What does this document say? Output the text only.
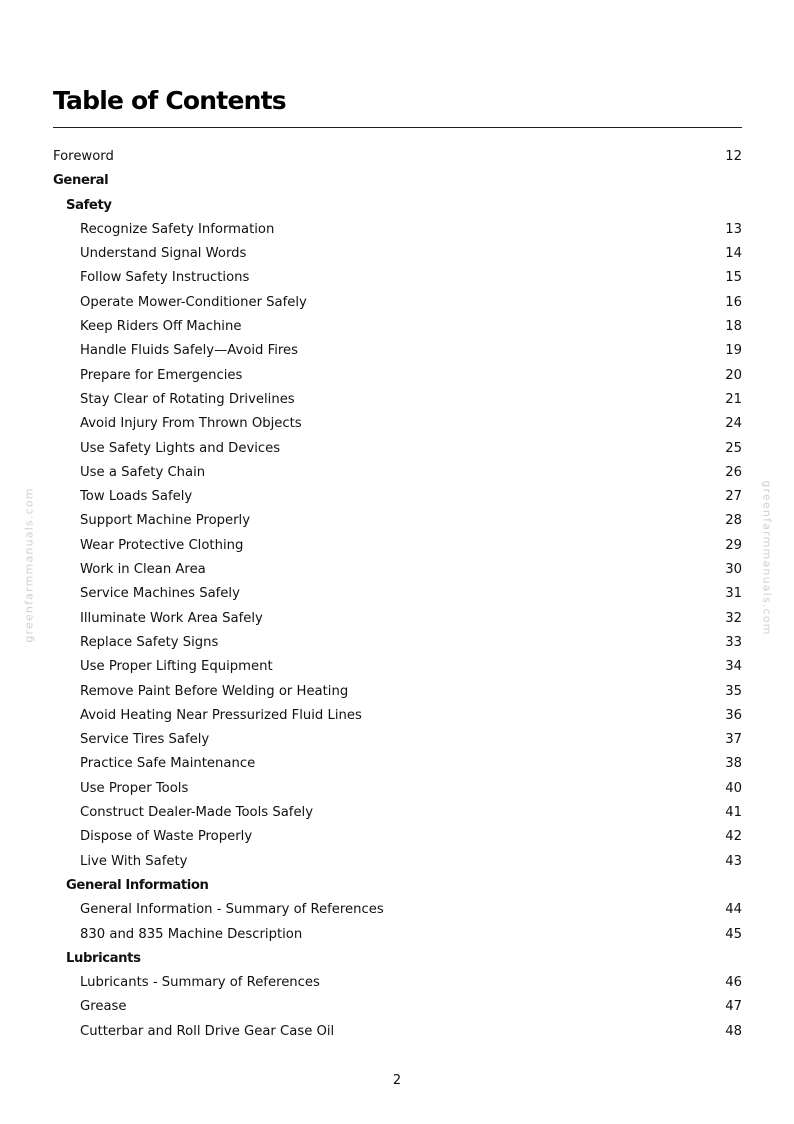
Table of Contents
Foreword	12
General
Safety
Recognize Safety Information	13
Understand Signal Words	14
Follow Safety Instructions	15
Operate Mower-Conditioner Safely	16
Keep Riders Off Machine	18
Handle Fluids Safely—Avoid Fires	19
Prepare for Emergencies	20
Stay Clear of Rotating Drivelines	21
Avoid Injury From Thrown Objects	24
Use Safety Lights and Devices	25
Use a Safety Chain	26
Tow Loads Safely	27
Support Machine Properly	28
Wear Protective Clothing	29
Work in Clean Area	30
Service Machines Safely	31
Illuminate Work Area Safely	32
Replace Safety Signs	33
Use Proper Lifting Equipment	34
Remove Paint Before Welding or Heating	35
Avoid Heating Near Pressurized Fluid Lines	36
Service Tires Safely	37
Practice Safe Maintenance	38
Use Proper Tools	40
Construct Dealer-Made Tools Safely	41
Dispose of Waste Properly	42
Live With Safety	43
General Information
General Information - Summary of References	44
830 and 835 Machine Description	45
Lubricants
Lubricants - Summary of References	46
Grease	47
Cutterbar and Roll Drive Gear Case Oil	48
greenfarmmanuals.com	greenfarmmanuals.com
2
